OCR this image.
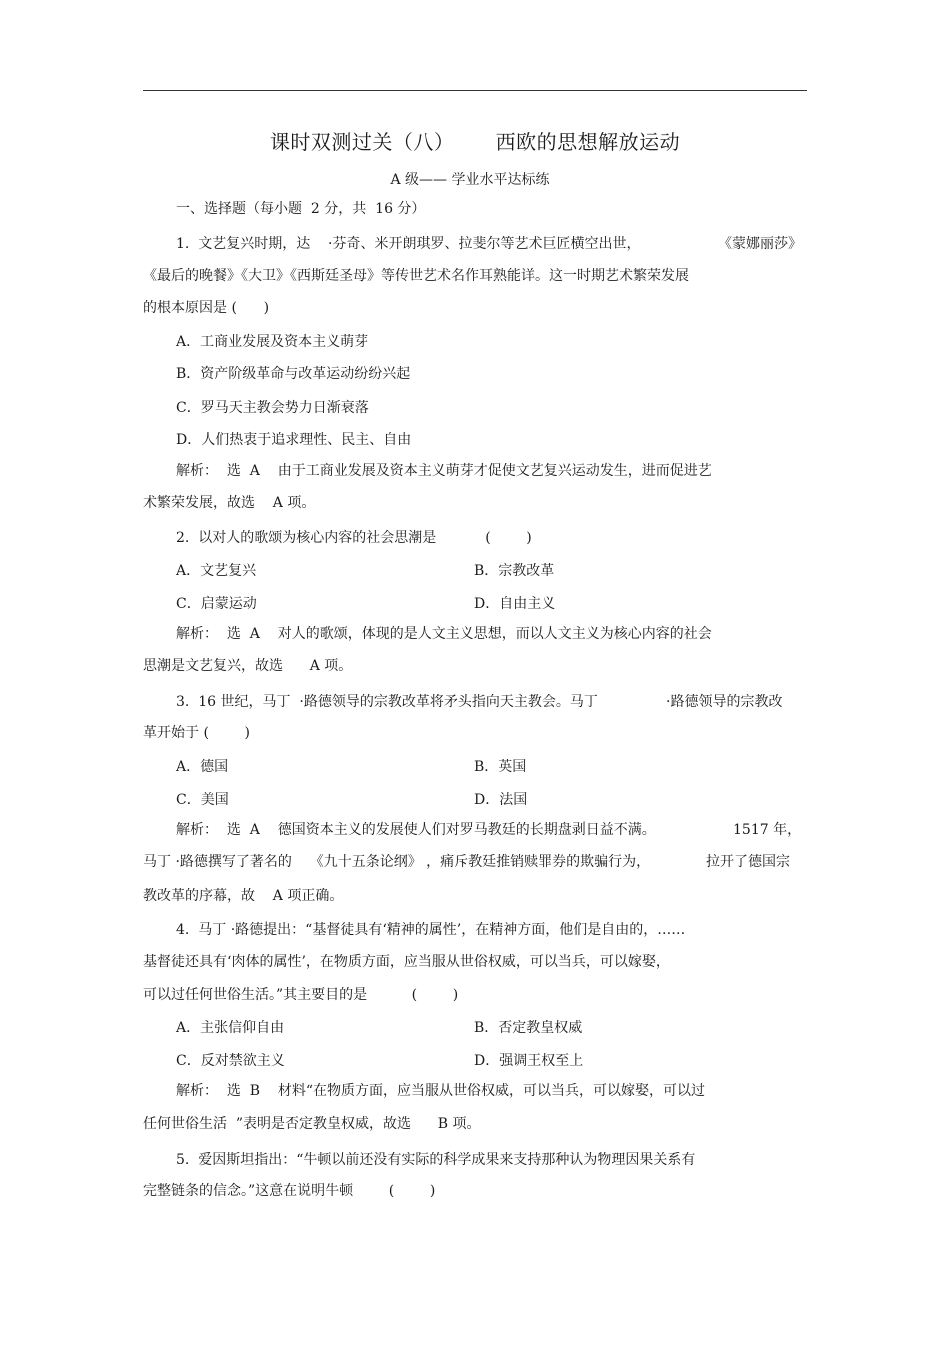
课时双测过关（八）      西欧的思想解放运动
A 级—— 学业水平达标练
一、选择题（每小题  2 分，共  16 分）
1.  文艺复兴时期，达    ·芬奇、米开朗琪罗、拉斐尔等艺术巨匠横空出世，	《蒙娜丽莎》
《最后的晚餐》《大卫》《西斯廷圣母》等传世艺术名作耳熟能详。这一时期艺术繁荣发展
的根本原因是 (      )
A．工商业发展及资本主义萌芽
B．资产阶级革命与改革运动纷纷兴起
C．罗马天主教会势力日渐衰落
D．人们热衷于追求理性、民主、自由
解析：  选  A    由于工商业发展及资本主义萌芽才促使文艺复兴运动发生，进而促进艺
术繁荣发展，故选    A 项。
2.  以对人的歌颂为核心内容的社会思潮是           (        )
A．文艺复兴	B．宗教改革
C．启蒙运动	D．自由主义
解析：  选  A    对人的歌颂，体现的是人文主义思想，而以人文主义为核心内容的社会
思潮是文艺复兴，故选      A 项。
3.  16 世纪，马丁  ·路德领导的宗教改革将矛头指向天主教会。马丁	·路德领导的宗教改
革开始于 (        )
A．德国	B．英国
C．美国	D．法国
解析：  选  A    德国资本主义的发展使人们对罗马教廷的长期盘剥日益不满。	1517 年，
马丁 ·路德撰写了著名的    《九十五条论纲》 ，痛斥教廷推销赎罪券的欺骗行为，	拉开了德国宗
教改革的序幕，故    A 项正确。
4.  马丁 ·路德提出：“基督徒具有‘精神的属性’，在精神方面，他们是自由的，……
基督徒还具有‘肉体的属性’，在物质方面，应当服从世俗权威，可以当兵，可以嫁娶，
可以过任何世俗生活。”其主要目的是          (        )
A．主张信仰自由	B．否定教皇权威
C．反对禁欲主义	D．强调王权至上
解析：  选  B    材料“在物质方面，应当服从世俗权威，可以当兵，可以嫁娶，可以过
任何世俗生活  ”表明是否定教皇权威，故选      B 项。
5.  爱因斯坦指出：“牛顿以前还没有实际的科学成果来支持那种认为物理因果关系有
完整链条的信念。”这意在说明牛顿        (        )
